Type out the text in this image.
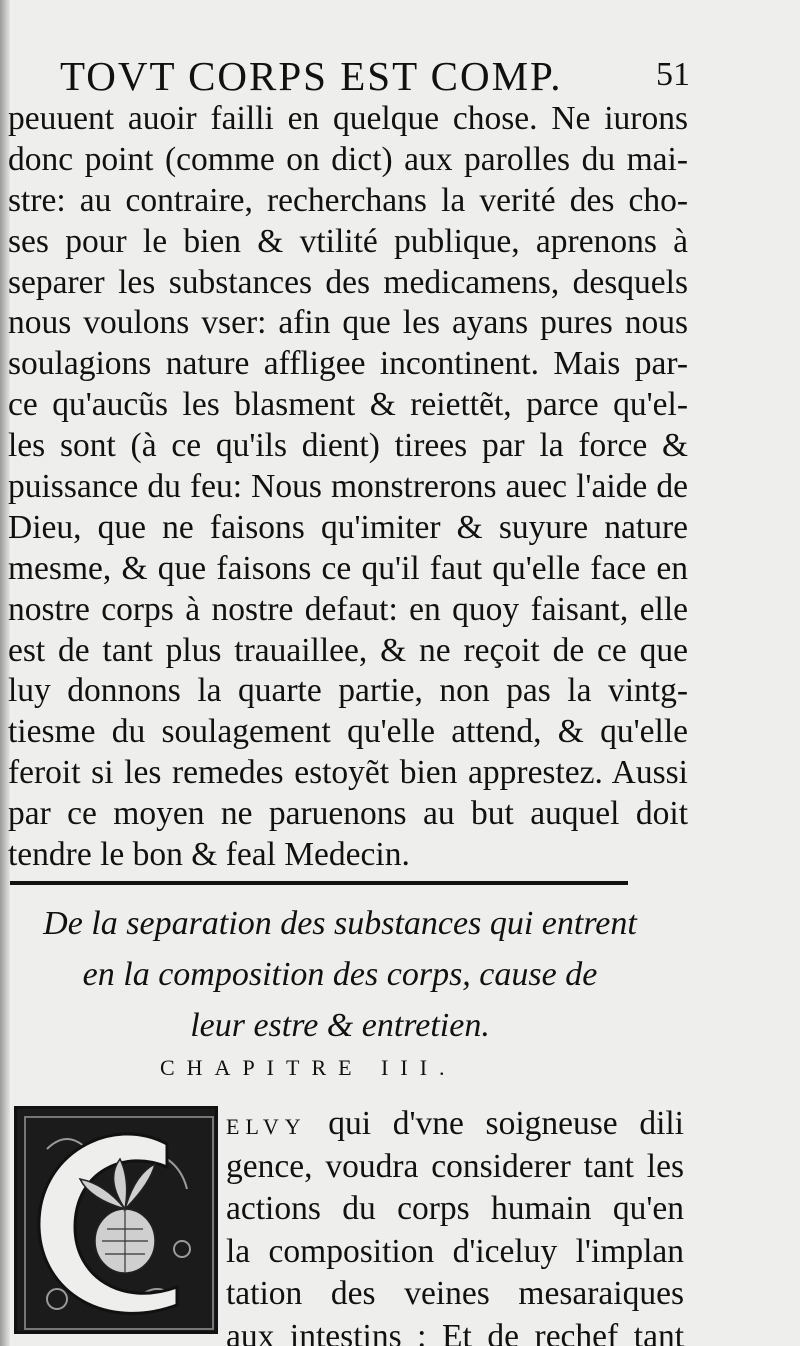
TOVT CORPS EST COMP.	51
peuuent auoir failli en quelque chose. Ne iurons
donc point (comme on dict) aux parolles du mai-
stre: au contraire, recherchans la verité des cho-
ses pour le bien & vtilité publique, aprenons à
separer les substances des medicamens, desquels
nous voulons vser: afin que les ayans pures nous
soulagions nature affligee incontinent. Mais par-
ce qu'aucũs les blasment & reiettẽt, parce qu'el-
les sont (à ce qu'ils dient) tirees par la force &
puissance du feu: Nous monstrerons auec l'aide de
Dieu, que ne faisons qu'imiter & suyure nature
mesme, & que faisons ce qu'il faut qu'elle face en
nostre corps à nostre defaut: en quoy faisant, elle
est de tant plus trauaillee, & ne reçoit de ce que
luy donnons la quarte partie, non pas la vintg-
tiesme du soulagement qu'elle attend, & qu'elle
feroit si les remedes estoyẽt bien apprestez. Aussi
par ce moyen ne paruenons au but auquel doit
tendre le bon & feal Medecin.
De la separation des substances qui entrent
en la composition des corps, cause de
leur estre & entretien.
CHAPITRE III.
ELVY qui d'vne soigneuse dili
gence, voudra considerer tant les
actions du corps humain qu'en
la composition d'iceluy l'implan
tation des veines mesaraiques
aux intestins : Et de rechef tant
